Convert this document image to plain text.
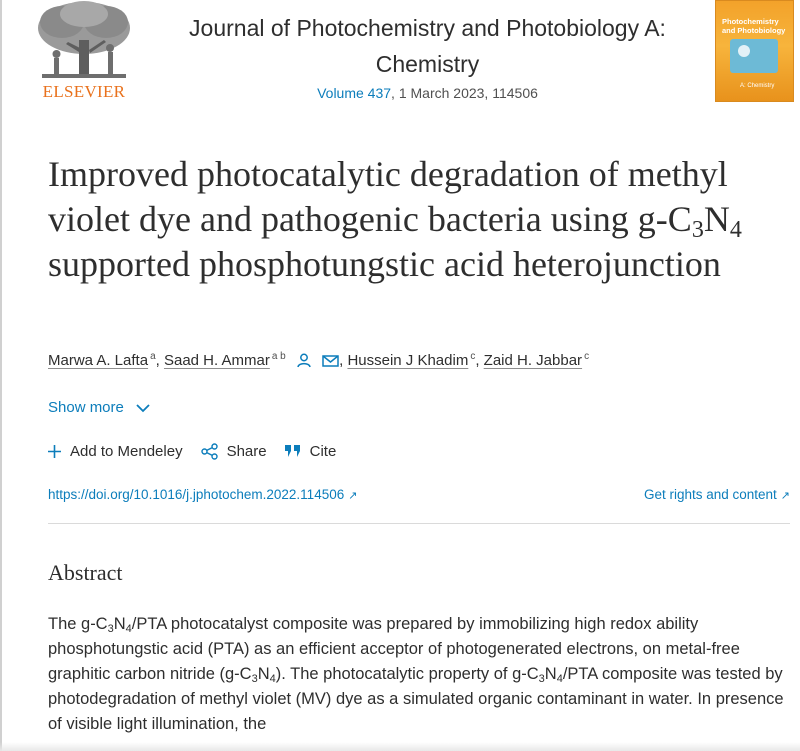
ELSEVIER
Journal of Photochemistry and Photobiology A: Chemistry
Volume 437, 1 March 2023, 114506
Photochemistry and Photobiology
A: Chemistry
Improved photocatalytic degradation of methyl violet dye and pathogenic bacteria using $g-C_3N_4$ supported phosphotungstic acid heterojunction
Marwa A. Lafta $^a$, Saad H. Ammar $^{a b}$	, Hussein J Khadim $^c$, Zaid H. Jabbar $^c$
Show more
Add to Mendeley	Share	Cite
https://doi.org/10.1016/j.jphotochem.2022.114506 ↗	Get rights and content ↗
Abstract

The $g-C_3N_4$/PTA photocatalyst composite was prepared by immobilizing high redox ability phosphotungstic acid (PTA) as an efficient acceptor of photogenerated electrons, on metal-free graphitic carbon nitride $(g-C_3N_4)$. The photocatalytic property of $g-C_3N_4$/PTA composite was tested by photodegradation of methyl violet (MV) dye as a simulated organic contaminant in water. In presence of visible light illumination, the
